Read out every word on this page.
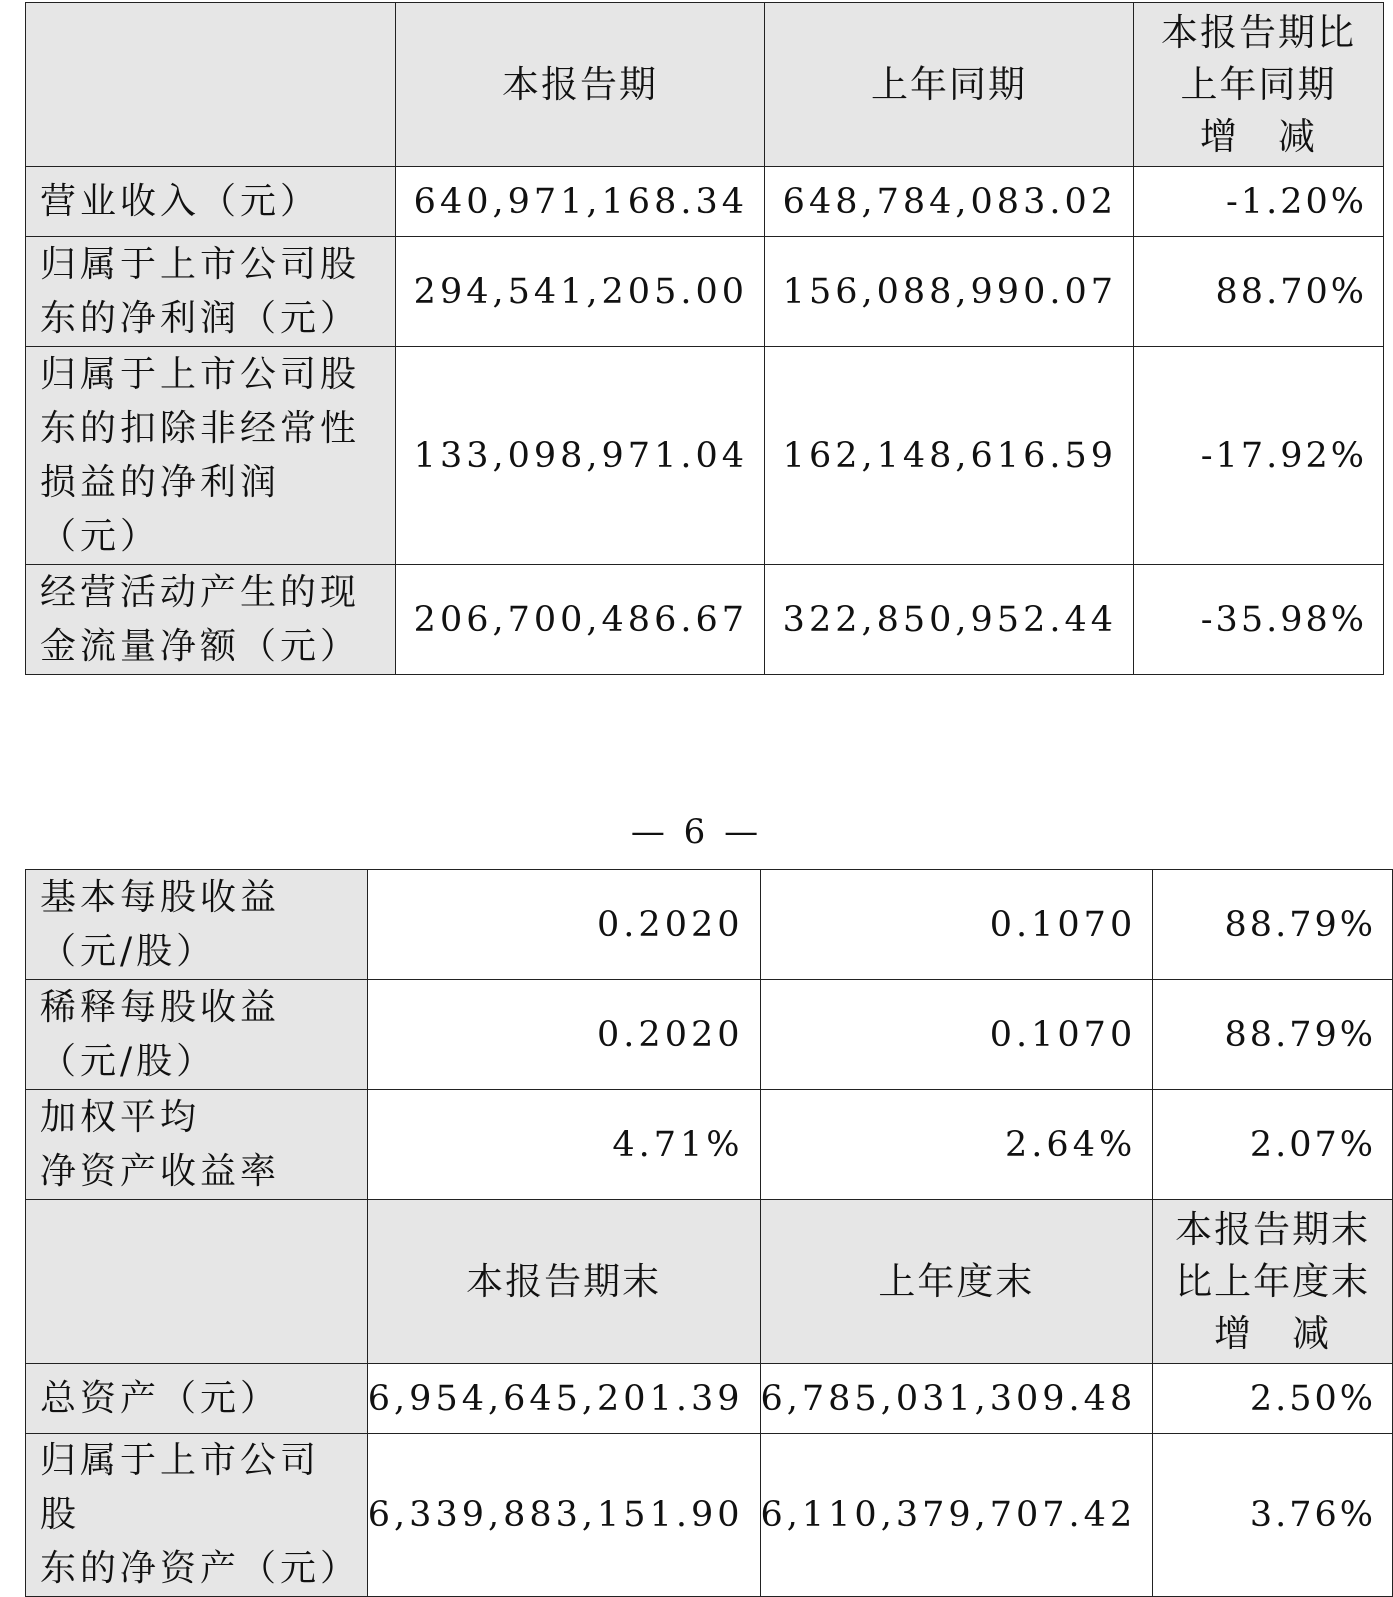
	本报告期	上年同期	本报告期比
上年同期
增　减

营业收入（元）	640,971,168.34	648,784,083.02	-1.20%

归属于上市公司股
东的净利润（元）	294,541,205.00	156,088,990.07	88.70%

归属于上市公司股
东的扣除非经常性
损益的净利润
（元）	133,098,971.04	162,148,616.59	-17.92%

经营活动产生的现
金流量净额（元）	206,700,486.67	322,850,952.44	-35.98%
— 6 —
基本每股收益
（元/股）	0.2020	0.1070	88.79%

稀释每股收益
（元/股）	0.2020	0.1070	88.79%

加权平均
净资产收益率	4.71%	2.64%	2.07%
	本报告期末	上年度末	本报告期末
比上年度末
增　减

总资产（元）	6,954,645,201.39	6,785,031,309.48	2.50%

归属于上市公司股
东的净资产（元）	6,339,883,151.90	6,110,379,707.42	3.76%
